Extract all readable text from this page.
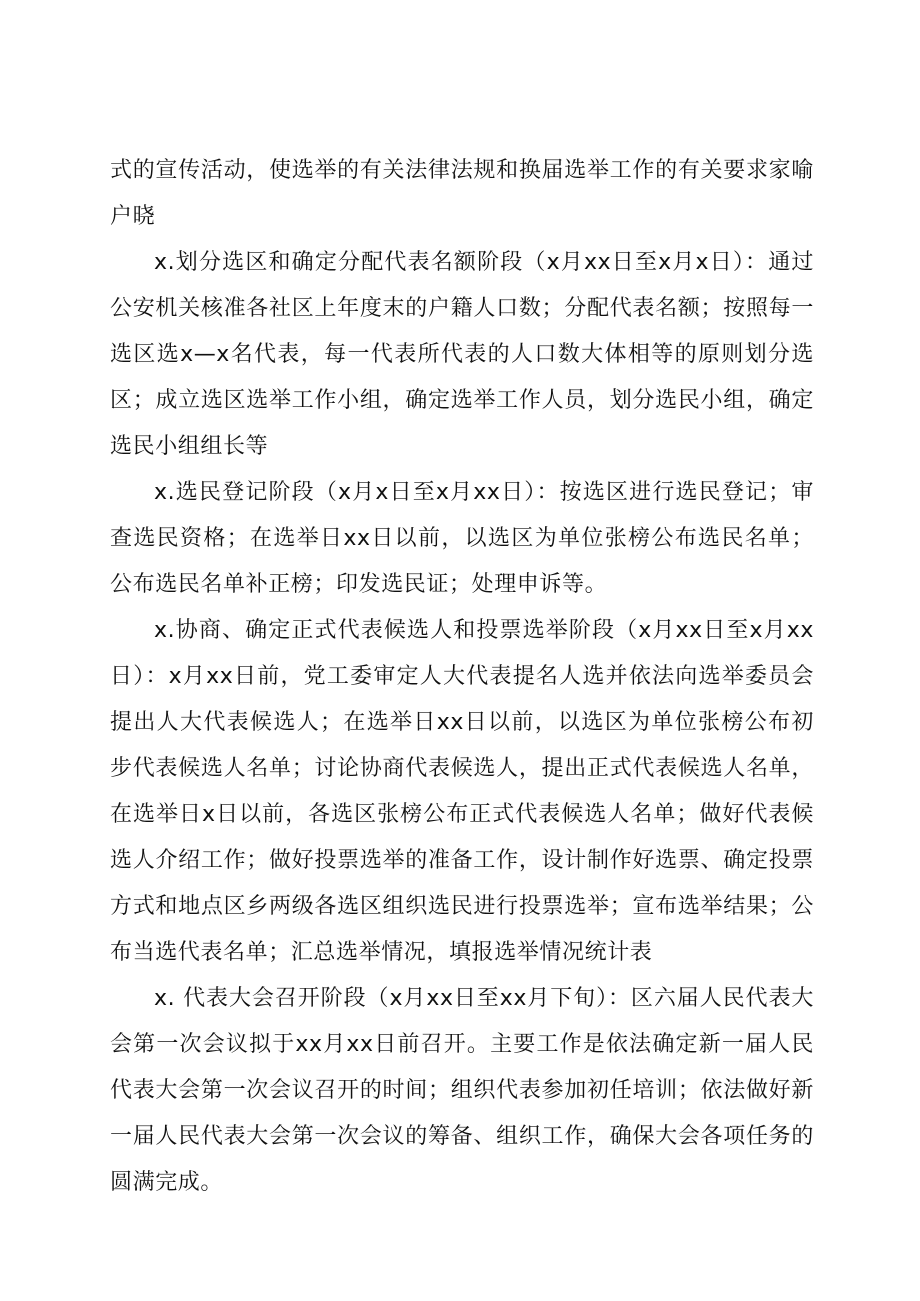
式的宣传活动，使选举的有关法律法规和换届选举工作的有关要求家喻户晓

x.划分选区和确定分配代表名额阶段（x月xx日至x月x日）：通过公安机关核准各社区上年度末的户籍人口数；分配代表名额；按照每一选区选x—x名代表，每一代表所代表的人口数大体相等的原则划分选区；成立选区选举工作小组，确定选举工作人员，划分选民小组，确定选民小组组长等

x.选民登记阶段（x月x日至x月xx日）：按选区进行选民登记；审查选民资格；在选举日xx日以前，以选区为单位张榜公布选民名单；公布选民名单补正榜；印发选民证；处理申诉等。

x.协商、确定正式代表候选人和投票选举阶段（x月xx日至x月xx日）：x月xx日前，党工委审定人大代表提名人选并依法向选举委员会提出人大代表候选人；在选举日xx日以前，以选区为单位张榜公布初步代表候选人名单；讨论协商代表候选人，提出正式代表候选人名单，在选举日x日以前，各选区张榜公布正式代表候选人名单；做好代表候选人介绍工作；做好投票选举的准备工作，设计制作好选票、确定投票方式和地点区乡两级各选区组织选民进行投票选举；宣布选举结果；公布当选代表名单；汇总选举情况，填报选举情况统计表

x. 代表大会召开阶段（x月xx日至xx月下旬）：区六届人民代表大会第一次会议拟于xx月xx日前召开。主要工作是依法确定新一届人民代表大会第一次会议召开的时间；组织代表参加初任培训；依法做好新一届人民代表大会第一次会议的筹备、组织工作，确保大会各项任务的圆满完成。
